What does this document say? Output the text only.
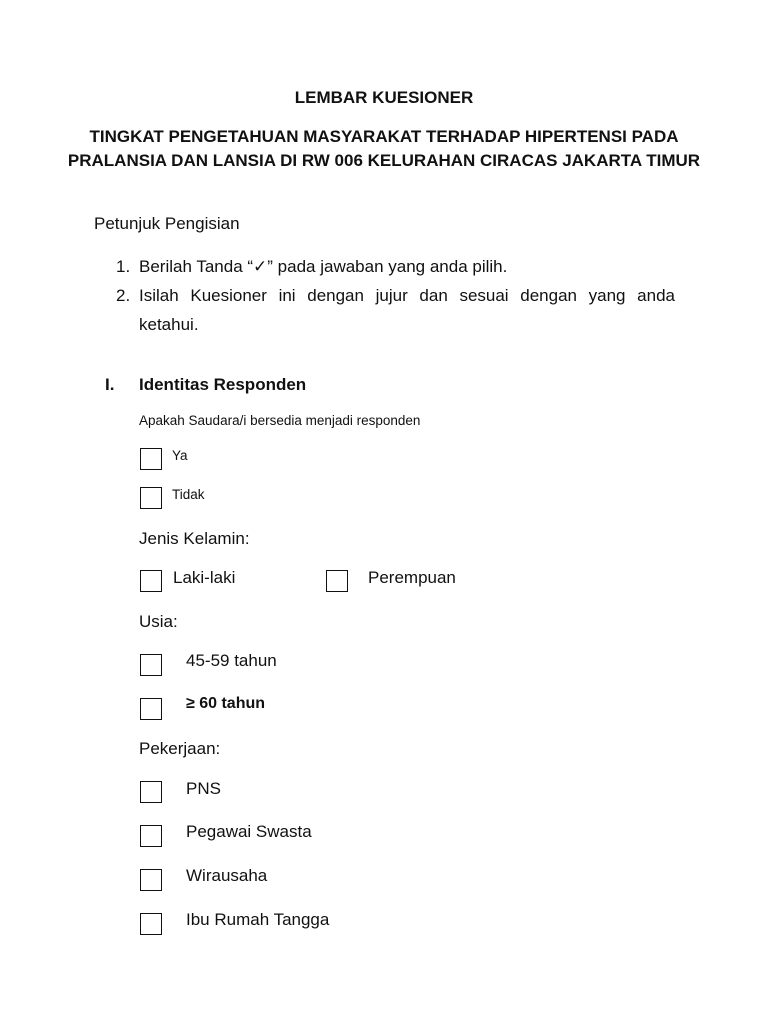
LEMBAR KUESIONER
TINGKAT PENGETAHUAN MASYARAKAT TERHADAP HIPERTENSI PADA PRALANSIA DAN LANSIA DI RW 006 KELURAHAN CIRACAS JAKARTA TIMUR
Petunjuk Pengisian
1. Berilah Tanda “✓” pada jawaban yang anda pilih.
2. Isilah Kuesioner ini dengan jujur dan sesuai dengan yang anda ketahui.
I. Identitas Responden
Apakah Saudara/i bersedia menjadi responden
Ya
Tidak
Jenis Kelamin:
Laki-laki	Perempuan
Usia:
45-59 tahun
≥ 60 tahun
Pekerjaan:
PNS
Pegawai Swasta
Wirausaha
Ibu Rumah Tangga
